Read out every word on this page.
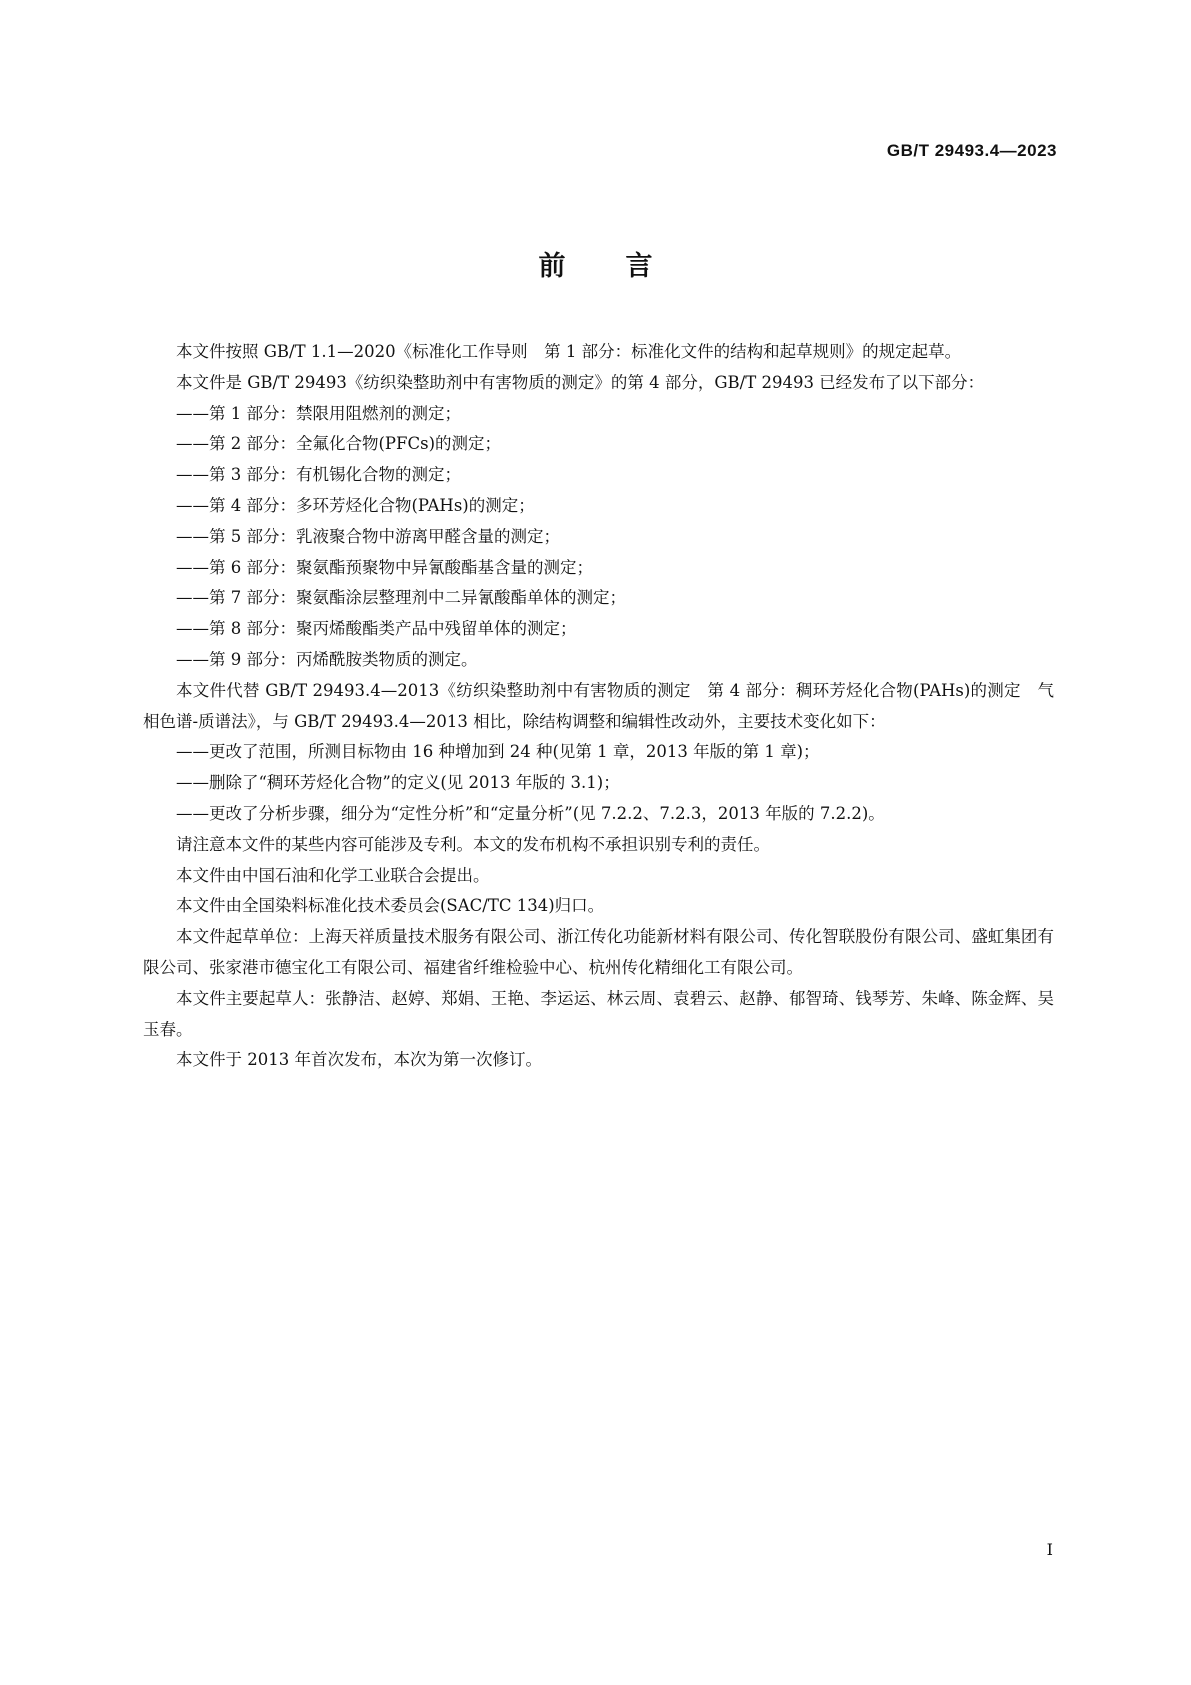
GB/T 29493.4—2023
前言

本文件按照 GB/T 1.1—2020《标准化工作导则　第 1 部分：标准化文件的结构和起草规则》的规定起草。

本文件是 GB/T 29493《纺织染整助剂中有害物质的测定》的第 4 部分，GB/T 29493 已经发布了以下部分：

——第 1 部分：禁限用阻燃剂的测定；
——第 2 部分：全氟化合物(PFCs)的测定；
——第 3 部分：有机锡化合物的测定；
——第 4 部分：多环芳烃化合物(PAHs)的测定；
——第 5 部分：乳液聚合物中游离甲醛含量的测定；
——第 6 部分：聚氨酯预聚物中异氰酸酯基含量的测定；
——第 7 部分：聚氨酯涂层整理剂中二异氰酸酯单体的测定；
——第 8 部分：聚丙烯酸酯类产品中残留单体的测定；
——第 9 部分：丙烯酰胺类物质的测定。

本文件代替 GB/T 29493.4—2013《纺织染整助剂中有害物质的测定　第 4 部分：稠环芳烃化合物(PAHs)的测定　气相色谱-质谱法》，与 GB/T 29493.4—2013 相比，除结构调整和编辑性改动外，主要技术变化如下：

——更改了范围，所测目标物由 16 种增加到 24 种(见第 1 章，2013 年版的第 1 章)；
——删除了“稠环芳烃化合物”的定义(见 2013 年版的 3.1)；
——更改了分析步骤，细分为“定性分析”和“定量分析”(见 7.2.2、7.2.3，2013 年版的 7.2.2)。

请注意本文件的某些内容可能涉及专利。本文的发布机构不承担识别专利的责任。

本文件由中国石油和化学工业联合会提出。

本文件由全国染料标准化技术委员会(SAC/TC 134)归口。

本文件起草单位：上海天祥质量技术服务有限公司、浙江传化功能新材料有限公司、传化智联股份有限公司、盛虹集团有限公司、张家港市德宝化工有限公司、福建省纤维检验中心、杭州传化精细化工有限公司。

本文件主要起草人：张静洁、赵婷、郑娟、王艳、李运运、林云周、袁碧云、赵静、郁智琦、钱琴芳、朱峰、陈金辉、吴玉春。

本文件于 2013 年首次发布，本次为第一次修订。

I
